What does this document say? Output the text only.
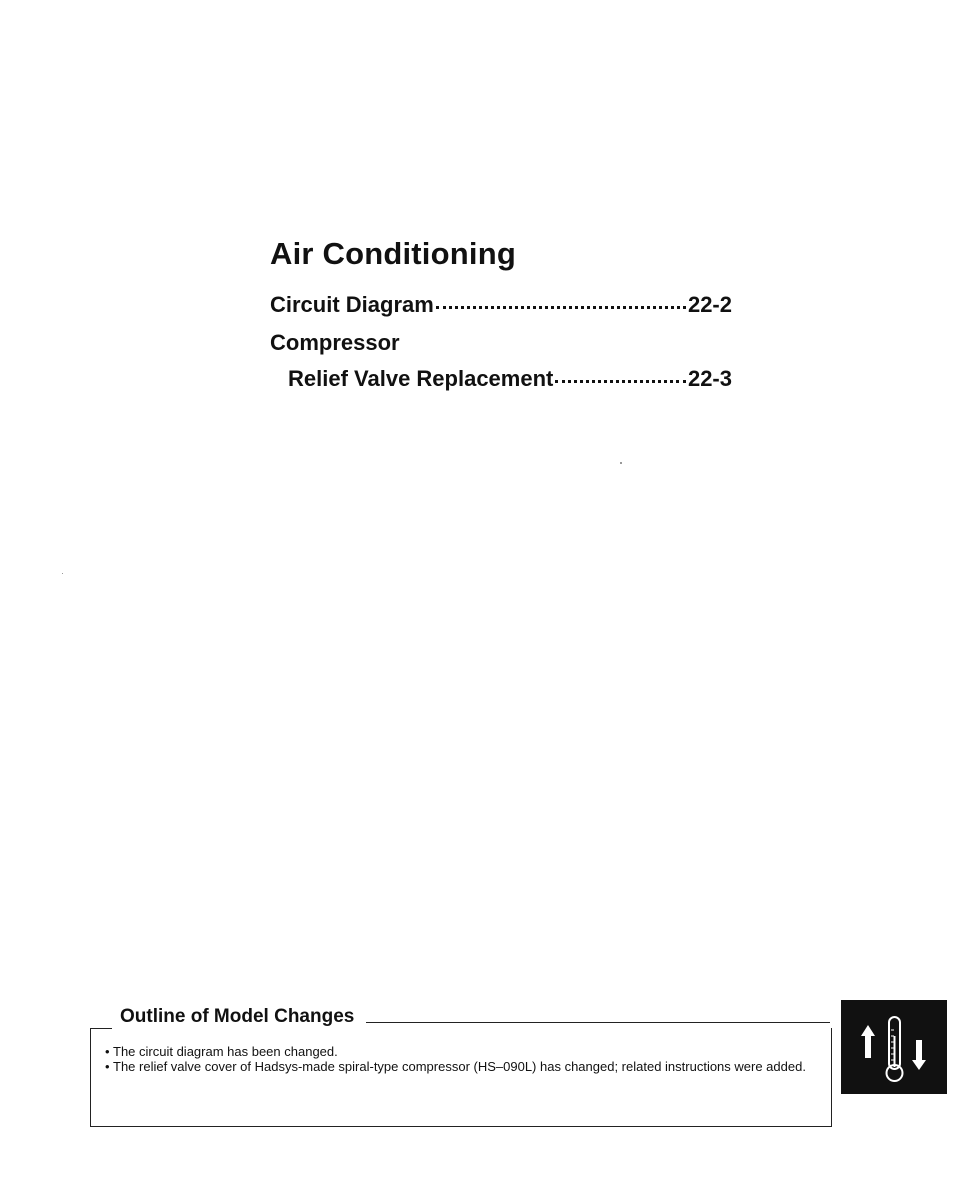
Air Conditioning
Circuit Diagram	22-2
Compressor
Relief Valve Replacement	22-3
Outline of Model Changes
• The circuit diagram has been changed.
• The relief valve cover of Hadsys-made spiral-type compressor (HS–090L) has changed; related instructions were added.
